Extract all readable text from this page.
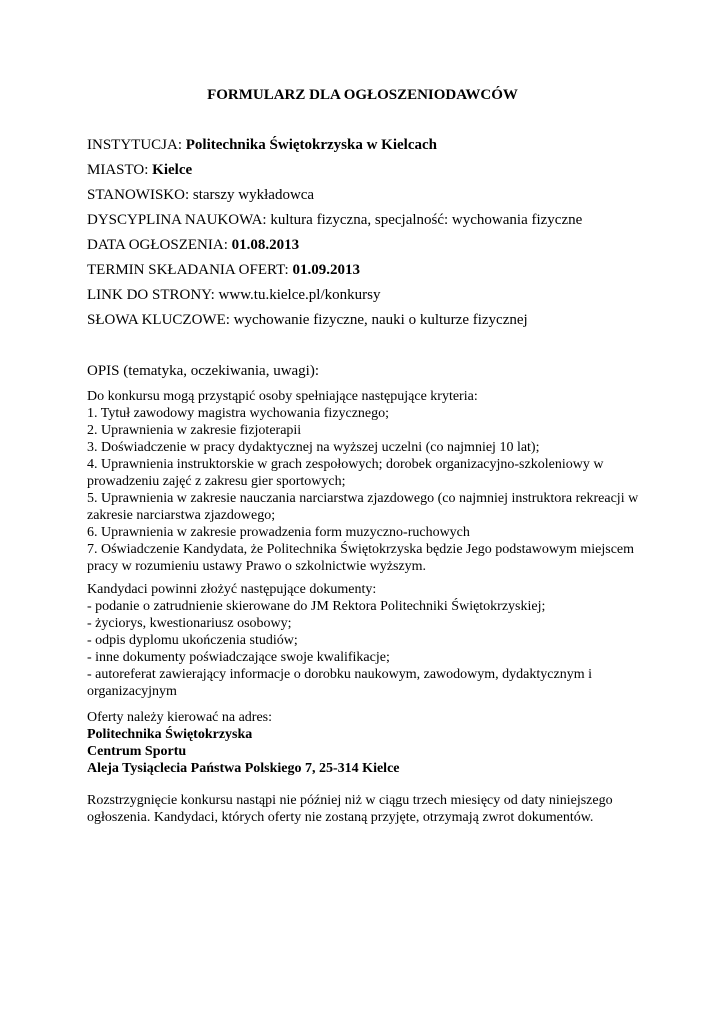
FORMULARZ DLA OGŁOSZENIODAWCÓW
INSTYTUCJA: Politechnika Świętokrzyska w Kielcach
MIASTO: Kielce
STANOWISKO: starszy wykładowca
DYSCYPLINA NAUKOWA: kultura fizyczna, specjalność: wychowania fizyczne
DATA OGŁOSZENIA: 01.08.2013
TERMIN SKŁADANIA OFERT: 01.09.2013
LINK DO STRONY: www.tu.kielce.pl/konkursy
SŁOWA KLUCZOWE: wychowanie fizyczne, nauki o kulturze fizycznej
OPIS (tematyka, oczekiwania, uwagi):

Do konkursu mogą przystąpić osoby spełniające następujące kryteria:

1. Tytuł zawodowy magistra wychowania fizycznego;

2. Uprawnienia w zakresie fizjoterapii

3. Doświadczenie w pracy dydaktycznej na wyższej uczelni (co najmniej 10 lat);

4. Uprawnienia instruktorskie w grach zespołowych; dorobek organizacyjno-szkoleniowy w prowadzeniu zajęć z zakresu gier sportowych;

5. Uprawnienia w zakresie nauczania narciarstwa zjazdowego (co najmniej instruktora rekreacji w zakresie narciarstwa zjazdowego;

6. Uprawnienia w zakresie prowadzenia form muzyczno-ruchowych

7. Oświadczenie Kandydata, że Politechnika Świętokrzyska będzie Jego podstawowym miejscem pracy w rozumieniu ustawy Prawo o szkolnictwie wyższym.

Kandydaci powinni złożyć następujące dokumenty:

- podanie o zatrudnienie skierowane do JM Rektora Politechniki Świętokrzyskiej;

- życiorys, kwestionariusz osobowy;

- odpis dyplomu ukończenia studiów;

- inne dokumenty poświadczające swoje kwalifikacje;

- autoreferat zawierający informacje o dorobku naukowym, zawodowym, dydaktycznym i organizacyjnym

Oferty należy kierować na adres:

Politechnika Świętokrzyska

Centrum Sportu

Aleja Tysiąclecia Państwa Polskiego 7, 25-314 Kielce

Rozstrzygnięcie konkursu nastąpi nie później niż w ciągu trzech miesięcy od daty niniejszego ogłoszenia. Kandydaci, których oferty nie zostaną przyjęte, otrzymają zwrot dokumentów.
